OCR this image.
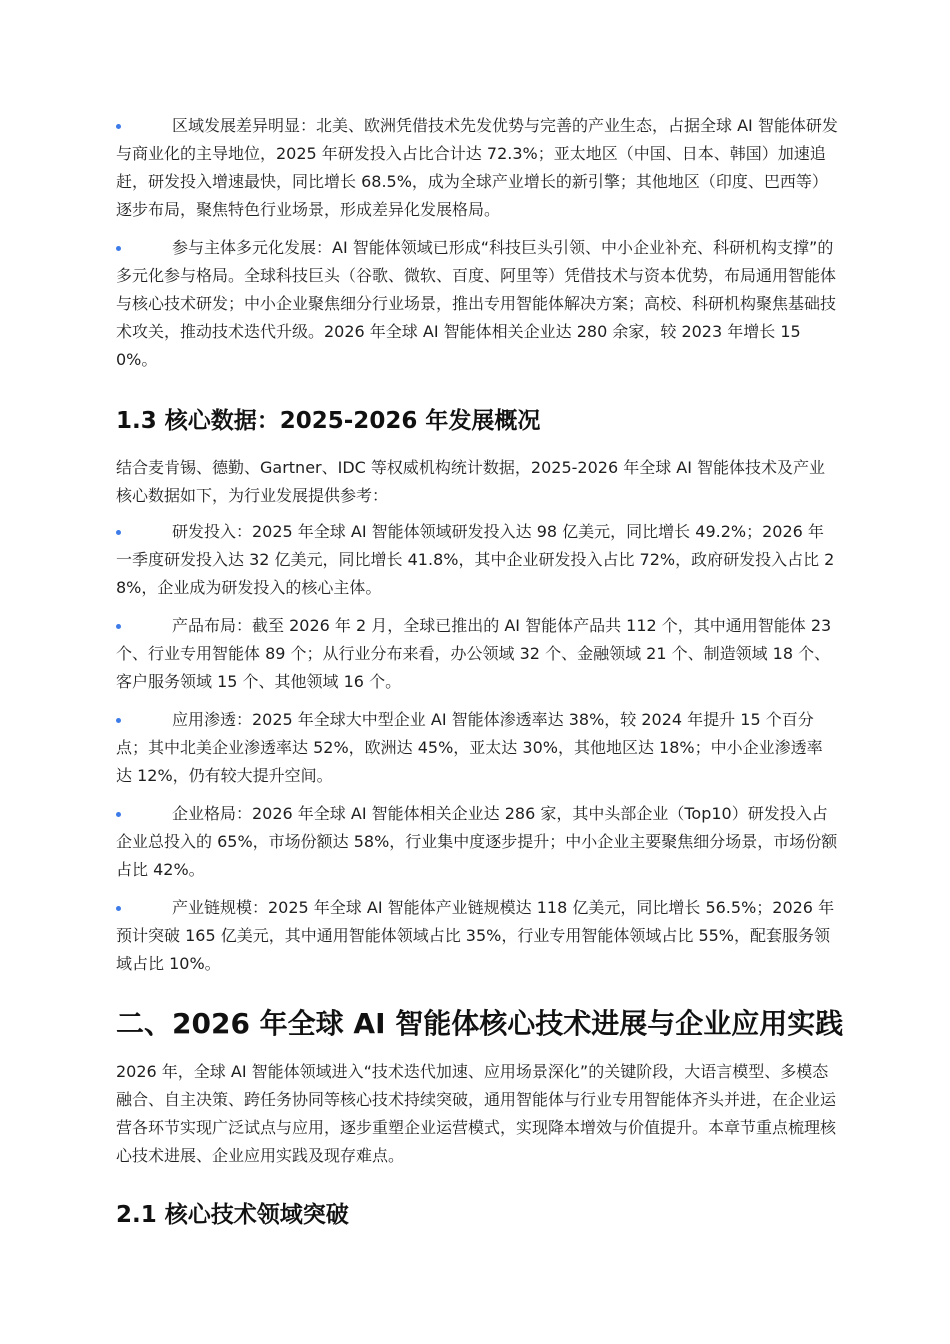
区域发展差异明显：北美、欧洲凭借技术先发优势与完善的产业生态，占据全球 AI 智能体研发与商业化的主导地位，2025 年研发投入占比合计达 72.3%；亚太地区（中国、日本、韩国）加速追赶，研发投入增速最快，同比增长 68.5%，成为全球产业增长的新引擎；其他地区（印度、巴西等）逐步布局，聚焦特色行业场景，形成差异化发展格局。

参与主体多元化发展：AI 智能体领域已形成“科技巨头引领、中小企业补充、科研机构支撑”的多元化参与格局。全球科技巨头（谷歌、微软、百度、阿里等）凭借技术与资本优势，布局通用智能体与核心技术研发；中小企业聚焦细分行业场景，推出专用智能体解决方案；高校、科研机构聚焦基础技术攻关，推动技术迭代升级。2026 年全球 AI 智能体相关企业达 280 余家，较 2023 年增长 150%。

1.3 核心数据：2025-2026 年发展概况

结合麦肯锡、德勤、Gartner、IDC 等权威机构统计数据，2025-2026 年全球 AI 智能体技术及产业核心数据如下，为行业发展提供参考：

研发投入：2025 年全球 AI 智能体领域研发投入达 98 亿美元，同比增长 49.2%；2026 年一季度研发投入达 32 亿美元，同比增长 41.8%，其中企业研发投入占比 72%，政府研发投入占比 28%，企业成为研发投入的核心主体。

产品布局：截至 2026 年 2 月，全球已推出的 AI 智能体产品共 112 个，其中通用智能体 23 个、行业专用智能体 89 个；从行业分布来看，办公领域 32 个、金融领域 21 个、制造领域 18 个、客户服务领域 15 个、其他领域 16 个。

应用渗透：2025 年全球大中型企业 AI 智能体渗透率达 38%，较 2024 年提升 15 个百分点；其中北美企业渗透率达 52%，欧洲达 45%，亚太达 30%，其他地区达 18%；中小企业渗透率达 12%，仍有较大提升空间。

企业格局：2026 年全球 AI 智能体相关企业达 286 家，其中头部企业（Top10）研发投入占企业总投入的 65%，市场份额达 58%，行业集中度逐步提升；中小企业主要聚焦细分场景，市场份额占比 42%。

产业链规模：2025 年全球 AI 智能体产业链规模达 118 亿美元，同比增长 56.5%；2026 年预计突破 165 亿美元，其中通用智能体领域占比 35%，行业专用智能体领域占比 55%，配套服务领域占比 10%。

二、2026 年全球 AI 智能体核心技术进展与企业应用实践

2026 年，全球 AI 智能体领域进入“技术迭代加速、应用场景深化”的关键阶段，大语言模型、多模态融合、自主决策、跨任务协同等核心技术持续突破，通用智能体与行业专用智能体齐头并进，在企业运营各环节实现广泛试点与应用，逐步重塑企业运营模式，实现降本增效与价值提升。本章节重点梳理核心技术进展、企业应用实践及现存难点。

2.1 核心技术领域突破
